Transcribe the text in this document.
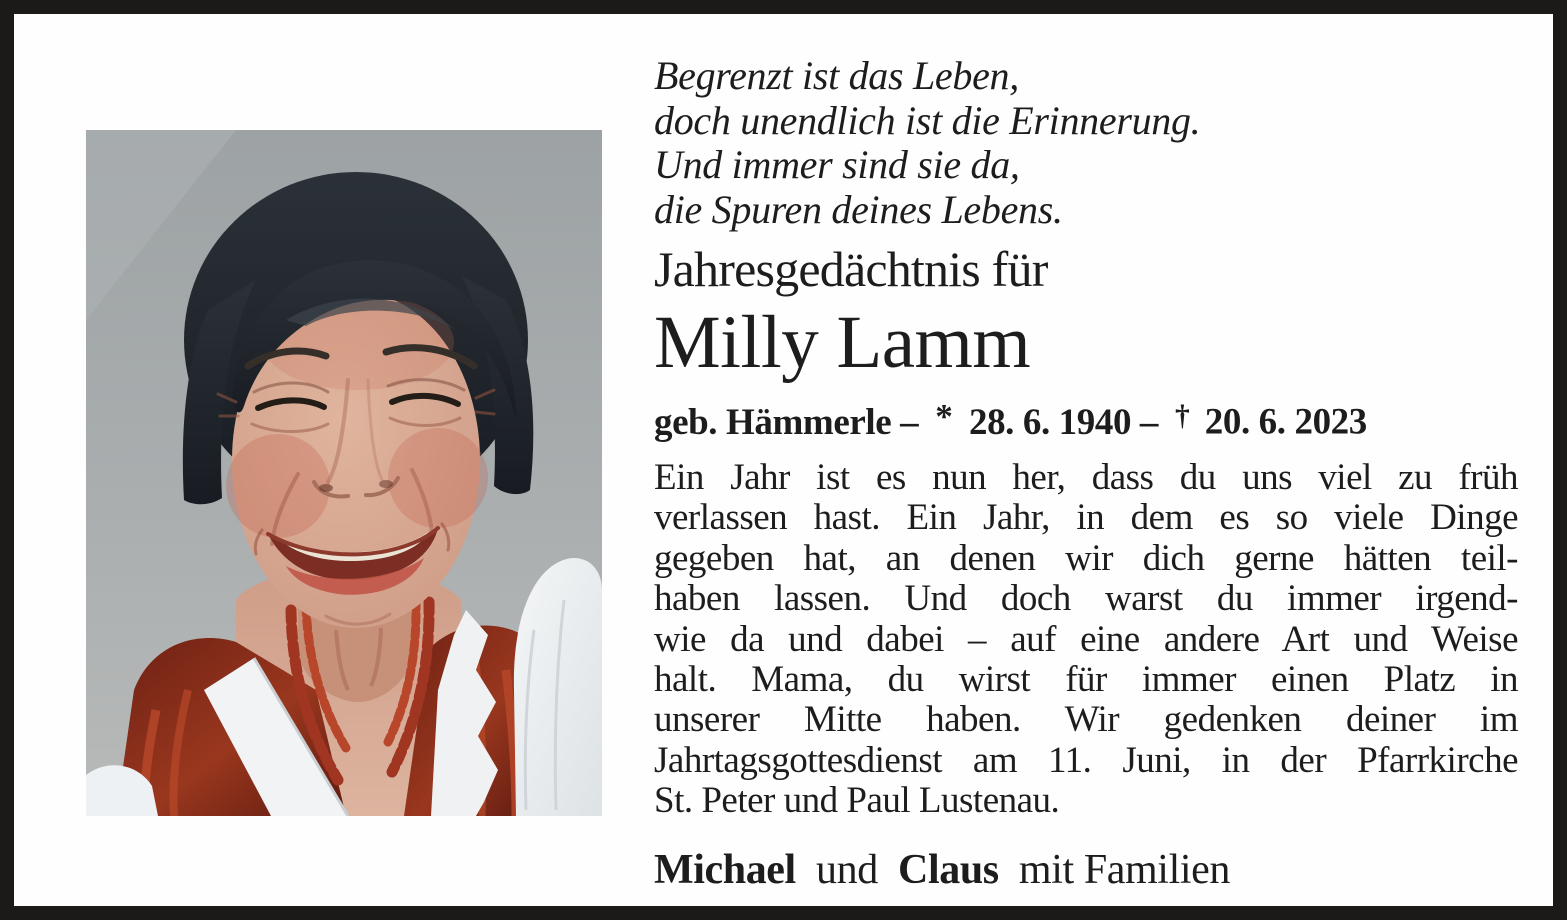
Begrenzt ist das Leben,
doch unendlich ist die Erinnerung.
Und immer sind sie da,
die Spuren deines Lebens.
Jahresgedächtnis für
Milly Lamm
geb. Hämmerle – * 28. 6. 1940 – † 20. 6. 2023
Ein Jahr ist es nun her, dass du uns viel zu früh
verlassen hast. Ein Jahr, in dem es so viele Dinge
gegeben hat, an denen wir dich gerne hätten teil-
haben lassen. Und doch warst du immer irgend-
wie da und dabei – auf eine andere Art und Weise
halt. Mama, du wirst für immer einen Platz in
unserer Mitte haben. Wir gedenken deiner im
Jahrtagsgottesdienst am 11. Juni, in der Pfarrkirche
St. Peter und Paul Lustenau.
Michael und Claus mit Familien
